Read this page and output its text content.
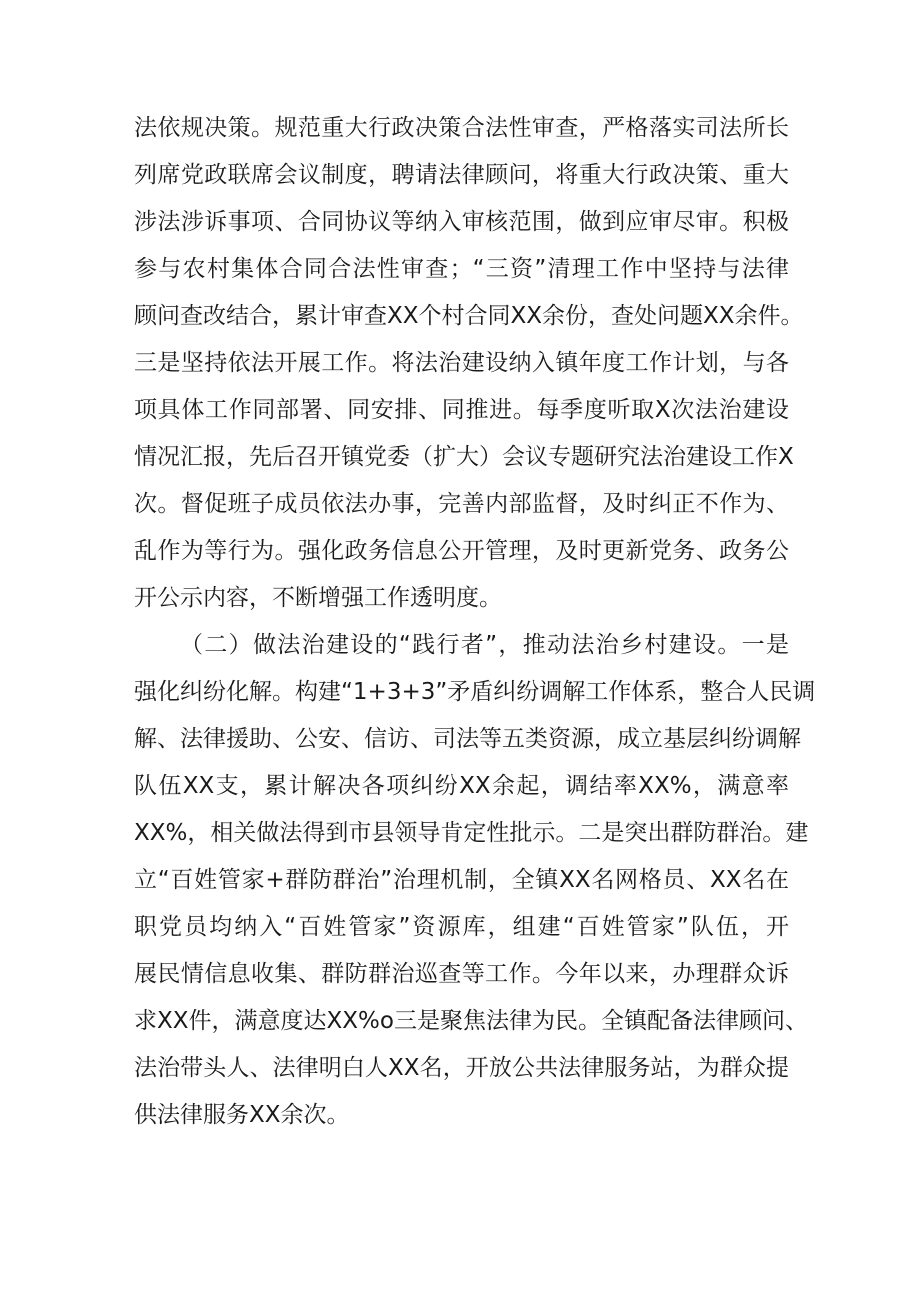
法依规决策。规范重大行政决策合法性审查，严格落实司法所长
列席党政联席会议制度，聘请法律顾问，将重大行政决策、重大
涉法涉诉事项、合同协议等纳入审核范围，做到应审尽审。积极
参与农村集体合同合法性审查；“三资”清理工作中坚持与法律
顾问查改结合，累计审查XX个村合同XX余份，查处问题XX余件。
三是坚持依法开展工作。将法治建设纳入镇年度工作计划，与各
项具体工作同部署、同安排、同推进。每季度听取X次法治建设
情况汇报，先后召开镇党委（扩大）会议专题研究法治建设工作X
次。督促班子成员依法办事，完善内部监督，及时纠正不作为、
乱作为等行为。强化政务信息公开管理，及时更新党务、政务公
开公示内容，不断增强工作透明度。
（二）做法治建设的“践行者”，推动法治乡村建设。一是
强化纠纷化解。构建“1+3+3”矛盾纠纷调解工作体系，整合人民调
解、法律援助、公安、信访、司法等五类资源，成立基层纠纷调解
队伍XX支，累计解决各项纠纷XX余起，调结率XX%，满意率
XX%，相关做法得到市县领导肯定性批示。二是突出群防群治。建
立“百姓管家+群防群治”治理机制，全镇XX名网格员、XX名在
职党员均纳入“百姓管家”资源库，组建“百姓管家”队伍，开
展民情信息收集、群防群治巡查等工作。今年以来，办理群众诉
求XX件，满意度达XX%o三是聚焦法律为民。全镇配备法律顾问、
法治带头人、法律明白人XX名，开放公共法律服务站，为群众提
供法律服务XX余次。
